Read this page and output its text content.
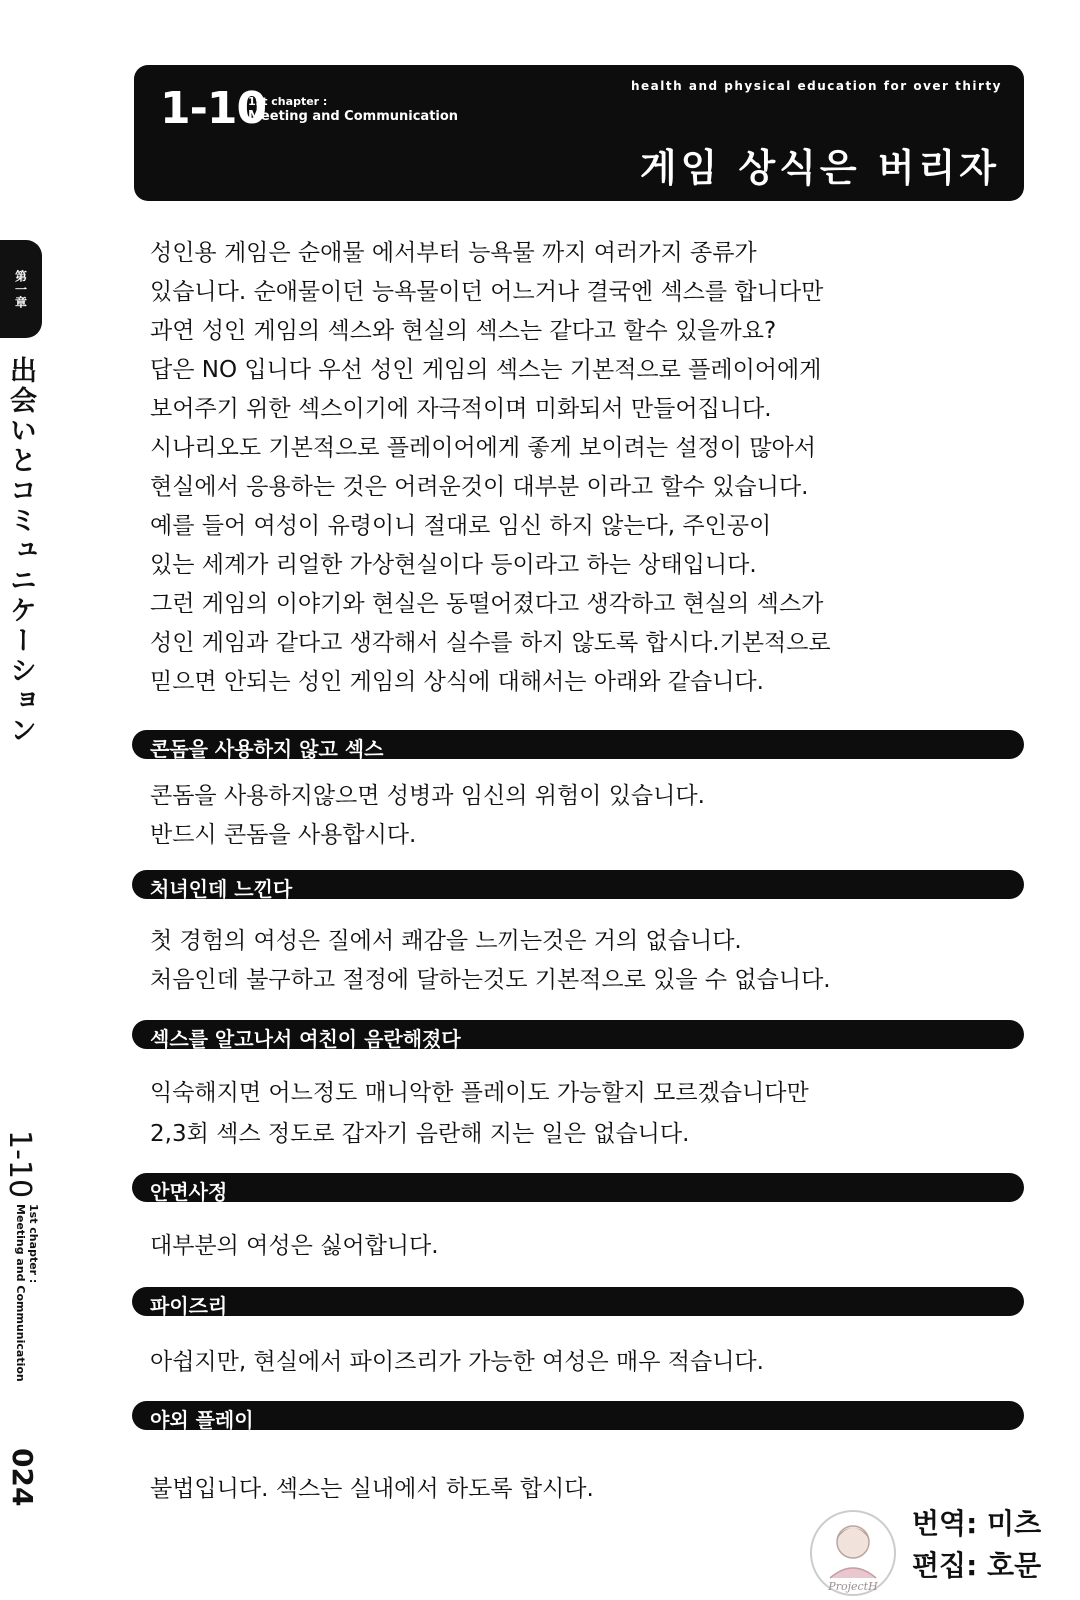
第一章
出会いとコミュニケーション
1-10
1st chapter :
Meeting and Communication
024
1-10
1st chapter :
Meeting and Communication
health and physical education for over thirty
게임 상식은 버리자
성인용 게임은 순애물 에서부터 능욕물 까지 여러가지 종류가
있습니다. 순애물이던 능욕물이던 어느거나 결국엔 섹스를 합니다만
과연 성인 게임의 섹스와 현실의 섹스는 같다고 할수 있을까요?
답은 NO 입니다 우선 성인 게임의 섹스는 기본적으로 플레이어에게
보어주기 위한 섹스이기에 자극적이며 미화되서 만들어집니다.
시나리오도 기본적으로 플레이어에게 좋게 보이려는 설정이 많아서
현실에서 응용하는 것은 어려운것이 대부분 이라고 할수 있습니다.
예를 들어 여성이 유령이니 절대로 임신 하지 않는다, 주인공이
있는 세계가 리얼한 가상현실이다 등이라고 하는 상태입니다.
그런 게임의 이야기와 현실은 동떨어졌다고 생각하고 현실의 섹스가
성인 게임과 같다고 생각해서 실수를 하지 않도록 합시다.기본적으로
믿으면 안되는 성인 게임의 상식에 대해서는 아래와 같습니다.
콘돔을 사용하지 않고 섹스
콘돔을 사용하지않으면 성병과 임신의 위험이 있습니다.
반드시 콘돔을 사용합시다.
처녀인데 느낀다
첫 경험의 여성은 질에서 쾌감을 느끼는것은 거의 없습니다.
처음인데 불구하고 절정에 달하는것도 기본적으로 있을 수 없습니다.
섹스를 알고나서 여친이 음란해졌다
익숙해지면 어느정도 매니악한 플레이도 가능할지 모르겠습니다만
2,3회 섹스 정도로 갑자기 음란해 지는 일은 없습니다.
안면사정
대부분의 여성은 싫어합니다.
파이즈리
아쉽지만, 현실에서 파이즈리가 가능한 여성은 매우 적습니다.
야외 플레이
불법입니다. 섹스는 실내에서 하도록 합시다.
ProjectH
번역: 미츠
편집: 호문
